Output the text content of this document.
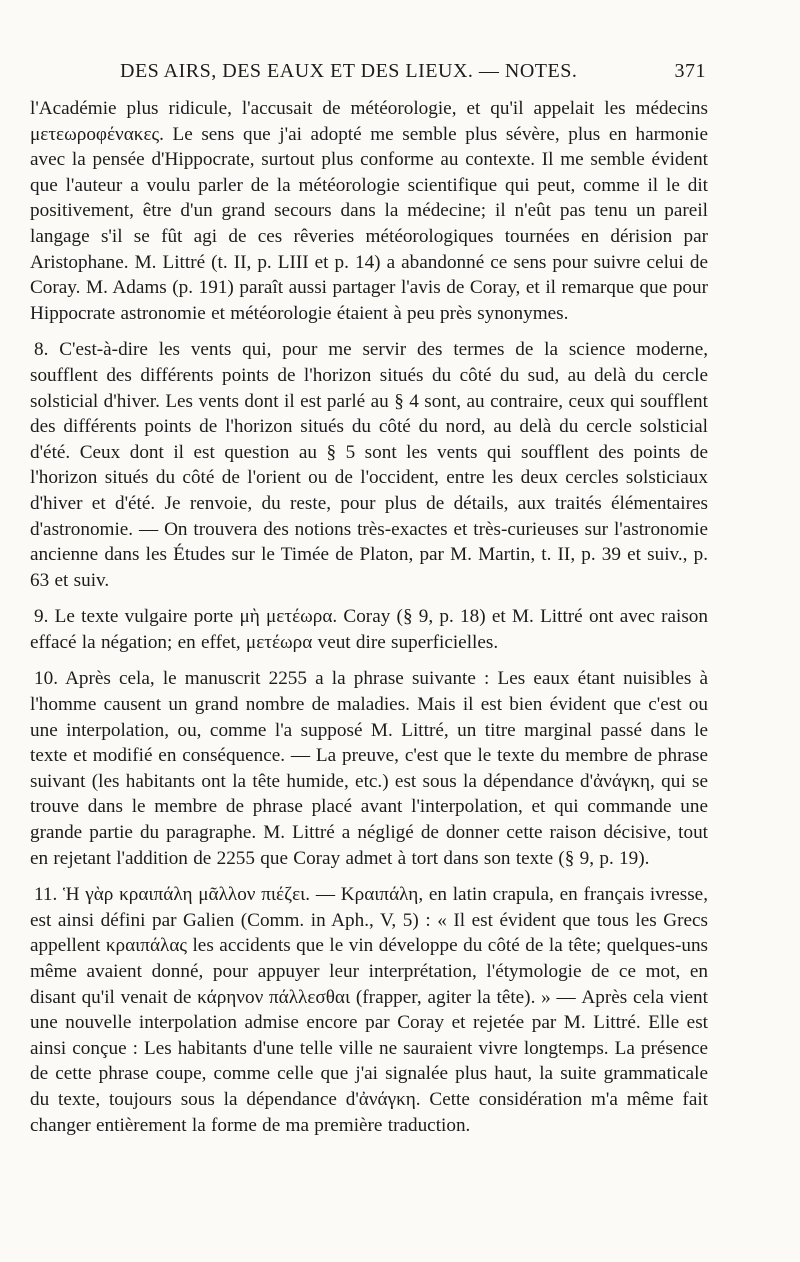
DES AIRS, DES EAUX ET DES LIEUX. — NOTES.	371

l'Académie plus ridicule, l'accusait de météorologie, et qu'il appelait les médecins μετεωροφένακες. Le sens que j'ai adopté me semble plus sévère, plus en harmonie avec la pensée d'Hippocrate, surtout plus conforme au contexte. Il me semble évident que l'auteur a voulu parler de la météorologie scientifique qui peut, comme il le dit positivement, être d'un grand secours dans la médecine; il n'eût pas tenu un pareil langage s'il se fût agi de ces rêveries météorologiques tournées en dérision par Aristophane. M. Littré (t. II, p. LIII et p. 14) a abandonné ce sens pour suivre celui de Coray. M. Adams (p. 191) paraît aussi partager l'avis de Coray, et il remarque que pour Hippocrate astronomie et météorologie étaient à peu près synonymes.

8. C'est-à-dire les vents qui, pour me servir des termes de la science moderne, soufflent des différents points de l'horizon situés du côté du sud, au delà du cercle solsticial d'hiver. Les vents dont il est parlé au § 4 sont, au contraire, ceux qui soufflent des différents points de l'horizon situés du côté du nord, au delà du cercle solsticial d'été. Ceux dont il est question au § 5 sont les vents qui soufflent des points de l'horizon situés du côté de l'orient ou de l'occident, entre les deux cercles solsticiaux d'hiver et d'été. Je renvoie, du reste, pour plus de détails, aux traités élémentaires d'astronomie. — On trouvera des notions très-exactes et très-curieuses sur l'astronomie ancienne dans les Études sur le Timée de Platon, par M. Martin, t. II, p. 39 et suiv., p. 63 et suiv.

9. Le texte vulgaire porte μὴ μετέωρα. Coray (§ 9, p. 18) et M. Littré ont avec raison effacé la négation; en effet, μετέωρα veut dire superficielles.

10. Après cela, le manuscrit 2255 a la phrase suivante : Les eaux étant nuisibles à l'homme causent un grand nombre de maladies. Mais il est bien évident que c'est ou une interpolation, ou, comme l'a supposé M. Littré, un titre marginal passé dans le texte et modifié en conséquence. — La preuve, c'est que le texte du membre de phrase suivant (les habitants ont la tête humide, etc.) est sous la dépendance d'ἀνάγκη, qui se trouve dans le membre de phrase placé avant l'interpolation, et qui commande une grande partie du paragraphe. M. Littré a négligé de donner cette raison décisive, tout en rejetant l'addition de 2255 que Coray admet à tort dans son texte (§ 9, p. 19).

11. Ἡ γὰρ κραιπάλη μᾶλλον πιέζει. — Κραιπάλη, en latin crapula, en français ivresse, est ainsi défini par Galien (Comm. in Aph., V, 5) : « Il est évident que tous les Grecs appellent κραιπάλας les accidents que le vin développe du côté de la tête; quelques-uns même avaient donné, pour appuyer leur interprétation, l'étymologie de ce mot, en disant qu'il venait de κάρηνον πάλλεσθαι (frapper, agiter la tête). » — Après cela vient une nouvelle interpolation admise encore par Coray et rejetée par M. Littré. Elle est ainsi conçue : Les habitants d'une telle ville ne sauraient vivre longtemps. La présence de cette phrase coupe, comme celle que j'ai signalée plus haut, la suite grammaticale du texte, toujours sous la dépendance d'ἀνάγκη. Cette considération m'a même fait changer entièrement la forme de ma première traduction.
